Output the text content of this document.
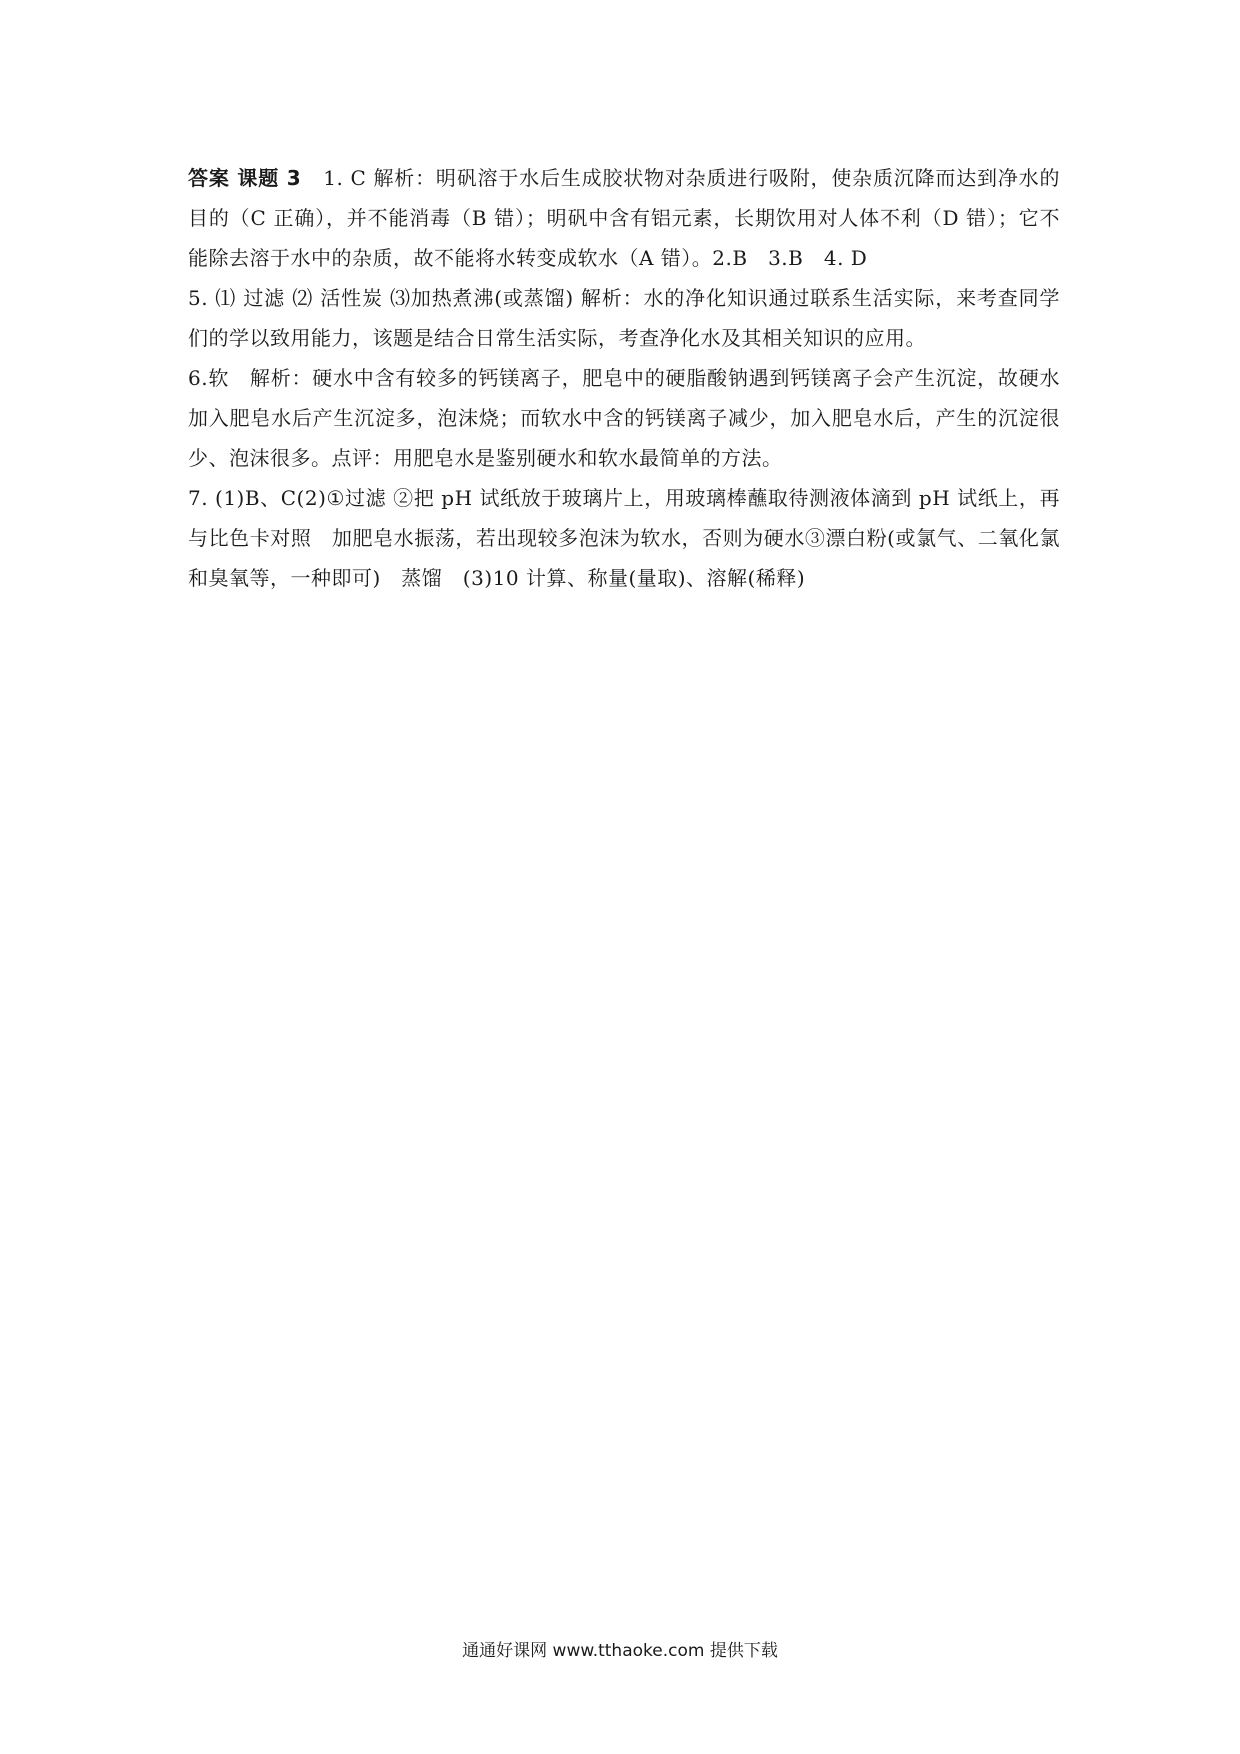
答案 课题 3 1. C 解析：明矾溶于水后生成胶状物对杂质进行吸附，使杂质沉降而达到净水的目的（C 正确），并不能消毒（B 错）；明矾中含有铝元素，长期饮用对人体不利（D 错）；它不能除去溶于水中的杂质，故不能将水转变成软水（A 错）。2.B　3.B　4. D

5. ⑴ 过滤 ⑵ 活性炭 ⑶加热煮沸(或蒸馏) 解析：水的净化知识通过联系生活实际，来考查同学们的学以致用能力，该题是结合日常生活实际，考查净化水及其相关知识的应用。

6.软　解析：硬水中含有较多的钙镁离子，肥皂中的硬脂酸钠遇到钙镁离子会产生沉淀，故硬水加入肥皂水后产生沉淀多，泡沫烧；而软水中含的钙镁离子减少，加入肥皂水后，产生的沉淀很少、泡沫很多。点评：用肥皂水是鉴别硬水和软水最简单的方法。

7. (1)B、C(2)①过滤 ②把 pH 试纸放于玻璃片上，用玻璃棒蘸取待测液体滴到 pH 试纸上，再与比色卡对照　加肥皂水振荡，若出现较多泡沫为软水，否则为硬水③漂白粉(或氯气、二氧化氯和臭氧等，一种即可)　蒸馏　(3)10 计算、称量(量取)、溶解(稀释)

通通好课网 www.tthaoke.com 提供下载
